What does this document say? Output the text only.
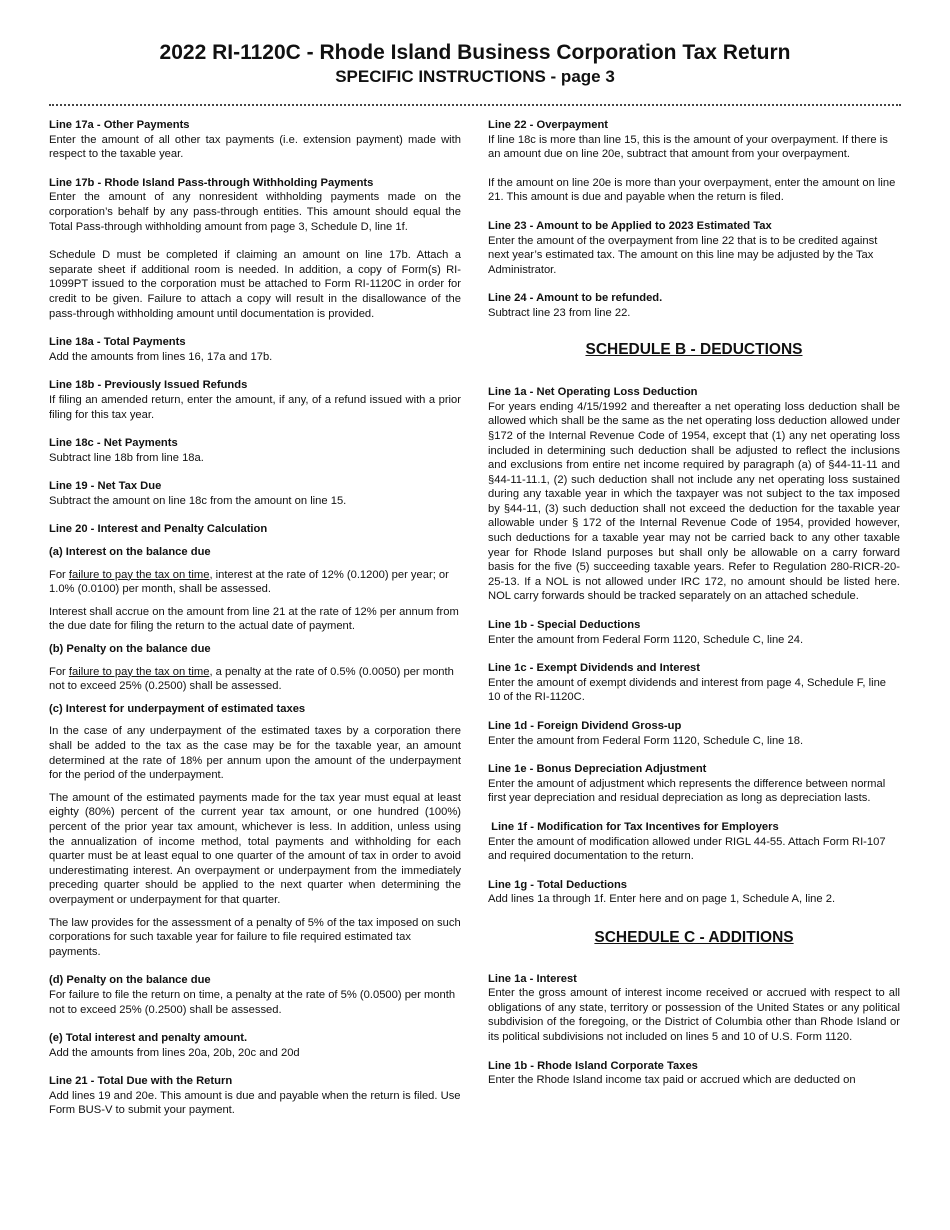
2022 RI-1120C - Rhode Island Business Corporation Tax Return

SPECIFIC INSTRUCTIONS - page 3

Line 17a - Other Payments
Enter the amount of all other tax payments (i.e. extension payment) made with respect to the taxable year.
Line 17b - Rhode Island Pass-through Withholding Payments
Enter the amount of any nonresident withholding payments made on the corporation’s behalf by any pass-through entities. This amount should equal the Total Pass-through withholding amount from page 3, Schedule D, line 1f.
Schedule D must be completed if claiming an amount on line 17b. Attach a separate sheet if additional room is needed. In addition, a copy of Form(s) RI-1099PT issued to the corporation must be attached to Form RI-1120C in order for credit to be given. Failure to attach a copy will result in the disallowance of the pass-through withholding amount until documentation is provided.
Line 18a - Total Payments
Add the amounts from lines 16, 17a and 17b.
Line 18b - Previously Issued Refunds
If filing an amended return, enter the amount, if any, of a refund issued with a prior filing for this tax year.
Line 18c - Net Payments
Subtract line 18b from line 18a.
Line 19 - Net Tax Due
Subtract the amount on line 18c from the amount on line 15.
Line 20 - Interest and Penalty Calculation
(a) Interest on the balance due
For failure to pay the tax on time, interest at the rate of 12% (0.1200) per year; or 1.0% (0.0100) per month, shall be assessed.
Interest shall accrue on the amount from line 21 at the rate of 12% per annum from the due date for filing the return to the actual date of payment.
(b) Penalty on the balance due
For failure to pay the tax on time, a penalty at the rate of 0.5% (0.0050) per month not to exceed 25% (0.2500) shall be assessed.
(c) Interest for underpayment of estimated taxes
In the case of any underpayment of the estimated taxes by a corporation there shall be added to the tax as the case may be for the taxable year, an amount determined at the rate of 18% per annum upon the amount of the underpayment for the period of the underpayment.
The amount of the estimated payments made for the tax year must equal at least eighty (80%) percent of the current year tax amount, or one hundred (100%) percent of the prior year tax amount, whichever is less. In addition, unless using the annualization of income method, total payments and withholding for each quarter must be at least equal to one quarter of the amount of tax in order to avoid underestimating interest. An overpayment or underpayment from the immediately preceding quarter should be applied to the next quarter when determining the overpayment or underpayment for that quarter.
The law provides for the assessment of a penalty of 5% of the tax imposed on such corporations for such taxable year for failure to file required estimated tax payments.
(d) Penalty on the balance due
For failure to file the return on time, a penalty at the rate of 5% (0.0500) per month not to exceed 25% (0.2500) shall be assessed.
(e) Total interest and penalty amount.
Add the amounts from lines 20a, 20b, 20c and 20d
Line 21 - Total Due with the Return
Add lines 19 and 20e. This amount is due and payable when the return is filed. Use Form BUS-V to submit your payment.
Line 22 - Overpayment
If line 18c is more than line 15, this is the amount of your overpayment. If there is an amount due on line 20e, subtract that amount from your overpayment.
If the amount on line 20e is more than your overpayment, enter the amount on line 21. This amount is due and payable when the return is filed.
Line 23 - Amount to be Applied to 2023 Estimated Tax
Enter the amount of the overpayment from line 22 that is to be credited against next year’s estimated tax. The amount on this line may be adjusted by the Tax Administrator.
Line 24 - Amount to be refunded.
Subtract line 23 from line 22.

SCHEDULE B - DEDUCTIONS

Line 1a - Net Operating Loss Deduction
For years ending 4/15/1992 and thereafter a net operating loss deduction shall be allowed which shall be the same as the net operating loss deduction allowed under §172 of the Internal Revenue Code of 1954, except that (1) any net operating loss included in determining such deduction shall be adjusted to reflect the inclusions and exclusions from entire net income required by paragraph (a) of §44-11-11 and §44-11-11.1, (2) such deduction shall not include any net operating loss sustained during any taxable year in which the taxpayer was not subject to the tax imposed by §44-11, (3) such deduction shall not exceed the deduction for the taxable year allowable under § 172 of the Internal Revenue Code of 1954, provided however, such deductions for a taxable year may not be carried back to any other taxable year for Rhode Island purposes but shall only be allowable on a carry forward basis for the five (5) succeeding taxable years. Refer to Regulation 280-RICR-20-25-13. If a NOL is not allowed under IRC 172, no amount should be listed here. NOL carry forwards should be tracked separately on an attached schedule.
Line 1b - Special Deductions
Enter the amount from Federal Form 1120, Schedule C, line 24.
Line 1c - Exempt Dividends and Interest
Enter the amount of exempt dividends and interest from page 4, Schedule F, line 10 of the RI-1120C.
Line 1d - Foreign Dividend Gross-up
Enter the amount from Federal Form 1120, Schedule C, line 18.
Line 1e - Bonus Depreciation Adjustment
Enter the amount of adjustment which represents the difference between normal first year depreciation and residual depreciation as long as depreciation lasts.
Line 1f - Modification for Tax Incentives for Employers
Enter the amount of modification allowed under RIGL 44-55. Attach Form RI-107 and required documentation to the return.
Line 1g - Total Deductions
Add lines 1a through 1f. Enter here and on page 1, Schedule A, line 2.

SCHEDULE C - ADDITIONS

Line 1a - Interest
Enter the gross amount of interest income received or accrued with respect to all obligations of any state, territory or possession of the United States or any political subdivision of the foregoing, or the District of Columbia other than Rhode Island or its political subdivisions not included on lines 5 and 10 of U.S. Form 1120.
Line 1b - Rhode Island Corporate Taxes
Enter the Rhode Island income tax paid or accrued which are deducted on
